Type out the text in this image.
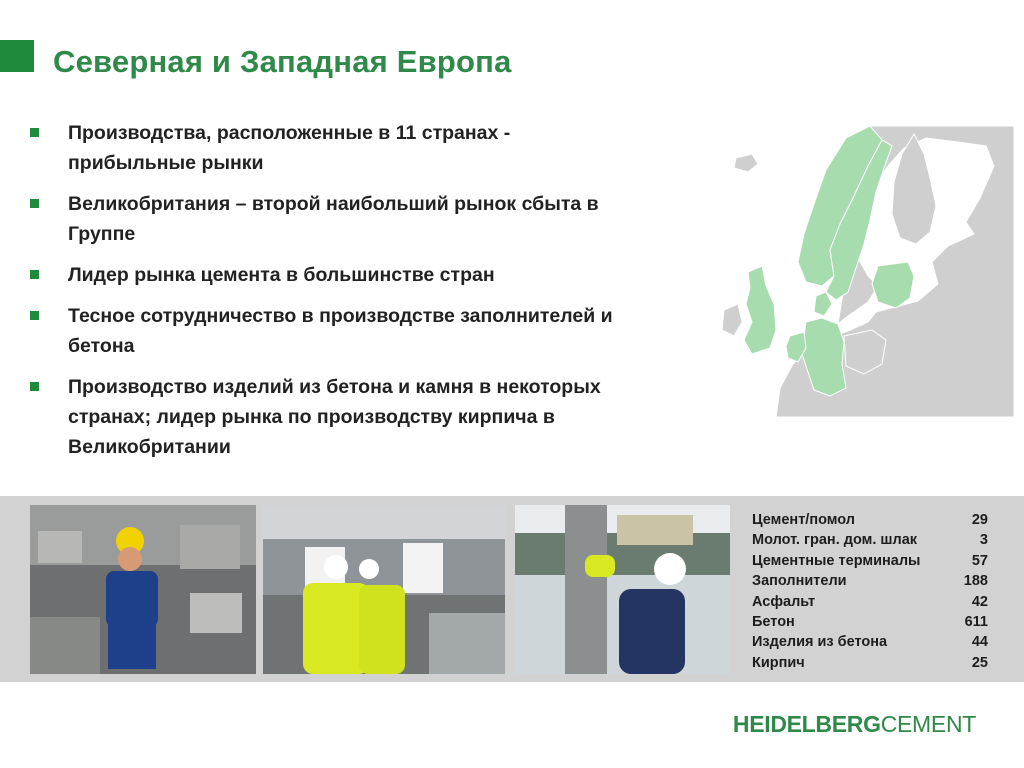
Северная и Западная Европа
Производства, расположенные в 11 странах - прибыльные рынки
Великобритания – второй наибольший рынок сбыта в Группе
Лидер рынка цемента в большинстве стран
Тесное сотрудничество в производстве заполнителей и бетона
Производство изделий из бетона и камня в некоторых странах; лидер рынка по производству кирпича в Великобритании
Цемент/помол	29
Молот. гран. дом. шлак	3
Цементные терминалы	57
Заполнители	188
Асфальт	42
Бетон	611
Изделия из бетона	44
Кирпич	25
HEIDELBERGCEMENT
